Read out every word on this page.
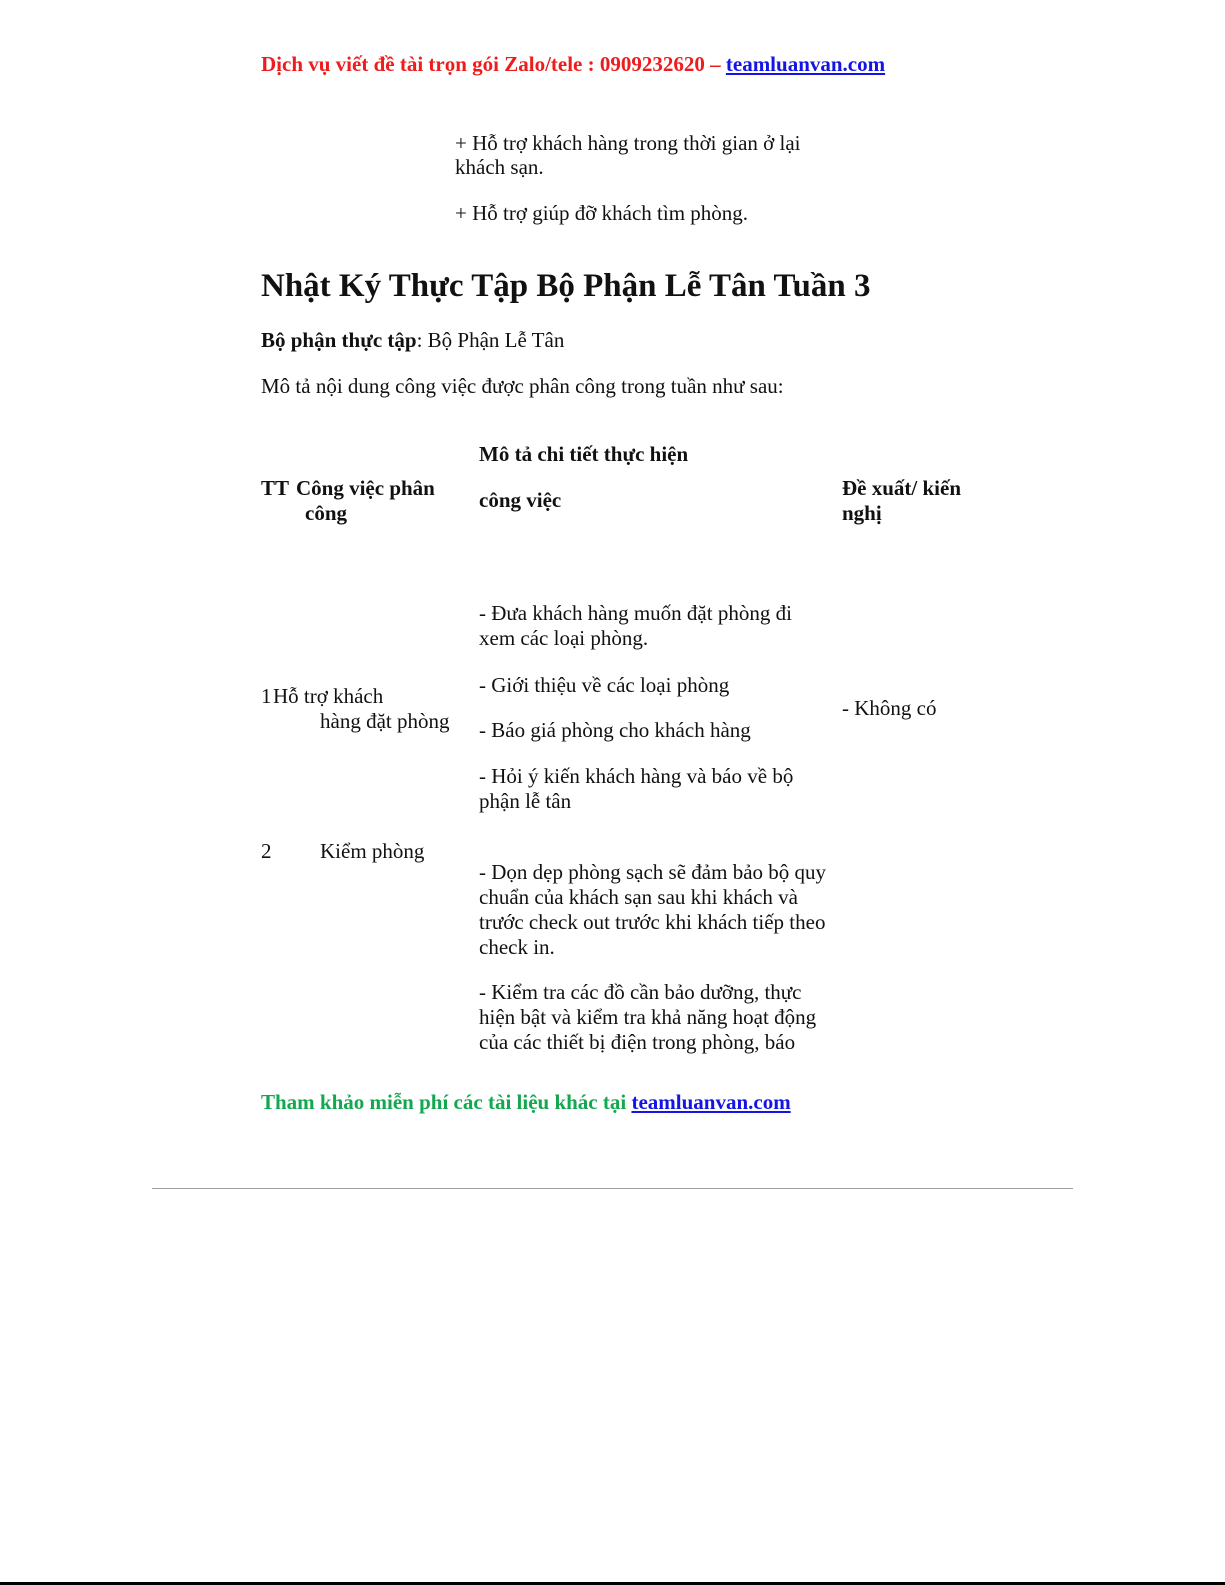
Dịch vụ viết đề tài trọn gói Zalo/tele : 0909232620 – teamluanvan.com
+ Hỗ trợ khách hàng trong thời gian ở lại
khách sạn.
+ Hỗ trợ giúp đỡ khách tìm phòng.
Nhật Ký Thực Tập Bộ Phận Lễ Tân Tuần 3
Bộ phận thực tập: Bộ Phận Lễ Tân
Mô tả nội dung công việc được phân công trong tuần như sau:
TT Công việc phân
công
Mô tả chi tiết thực hiện
công việc	Đề xuất/ kiến
nghị
1 Hỗ trợ khách
hàng đặt phòng
- Đưa khách hàng muốn đặt phòng đi
xem các loại phòng.
- Giới thiệu về các loại phòng
- Báo giá phòng cho khách hàng
- Hỏi ý kiến khách hàng và báo về bộ
phận lễ tân
- Không có
2 Kiểm phòng
- Dọn dẹp phòng sạch sẽ đảm bảo bộ quy
chuẩn của khách sạn sau khi khách và
trước check out trước khi khách tiếp theo
check in.
- Kiểm tra các đồ cần bảo dưỡng, thực
hiện bật và kiểm tra khả năng hoạt động
của các thiết bị điện trong phòng, báo
Tham khảo miễn phí các tài liệu khác tại teamluanvan.com
